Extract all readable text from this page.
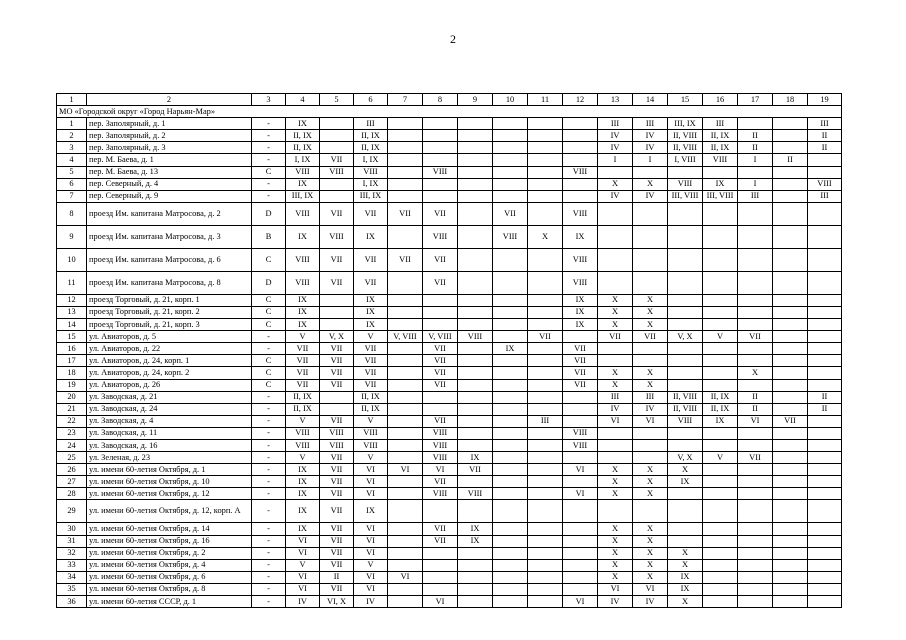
2
1	2	3	4	5	6	7	8	9	10	11	12	13	14	15	16	17	18	19
МО «Городской округ «Город Нарьян-Мар»																		
1	пер. Заполярный, д. 1	-	IX		III							III	III	III, IX	III			III
2	пер. Заполярный, д. 2	-	II, IX		II, IX							IV	IV	II, VIII	II, IX	II		II
3	пер. Заполярный, д. 3	-	II, IX		II, IX							IV	IV	II, VIII	II, IX	II		II
4	пер. М. Баева, д. 1	-	I, IX	VII	I, IX							I	I	I, VIII	VIII	I	II	
5	пер. М. Баева, д. 13	C	VIII	VIII	VIII		VIII				VIII							
6	пер. Северный, д. 4	-	IX		I, IX							X	X	VIII	IX	I		VIII
7	пер. Северный, д. 9	-	III, IX		III, IX							IV	IV	III, VIII	III, VIII	III		III
8	проезд Им. капитана Матросова, д. 2	D	VIII	VII	VII	VII	VII		VII		VIII							
9	проезд Им. капитана Матросова, д. 3	B	IX	VIII	IX		VIII		VIII	X	IX							
10	проезд Им. капитана Матросова, д. 6	C	VIII	VII	VII	VII	VII				VIII							
11	проезд Им. капитана Матросова, д. 8	D	VIII	VII	VII		VII				VIII							
12	проезд Торговый, д. 21, корп. 1	C	IX		IX						IX	X	X					
13	проезд Торговый, д. 21, корп. 2	C	IX		IX						IX	X	X					
14	проезд Торговый, д. 21, корп. 3	C	IX		IX						IX	X	X					
15	ул. Авиаторов, д. 5	-	V	V, X	V	V, VIII	V, VIII	VIII		VII		VII	VII	V, X	V	VII		
16	ул. Авиаторов, д. 22	-	VII	VII	VII		VII		IX		VII							
17	ул. Авиаторов, д. 24, корп. 1	C	VII	VII	VII		VII				VII							
18	ул. Авиаторов, д. 24, корп. 2	C	VII	VII	VII		VII				VII	X	X			X		
19	ул. Авиаторов, д. 26	C	VII	VII	VII		VII				VII	X	X					
20	ул. Заводская, д. 21	-	II, IX		II, IX							III	III	II, VIII	II, IX	II		II
21	ул. Заводская, д. 24	-	II, IX		II, IX							IV	IV	II, VIII	II, IX	II		II
22	ул. Заводская, д. 4	-	V	VII	V		VII			III		VI	VI	VIII	IX	VI	VII	
23	ул. Заводская, д. 11	-	VIII	VIII	VIII		VIII				VIII							
24	ул. Заводская, д. 16	-	VIII	VIII	VIII		VIII				VIII							
25	ул. Зеленая, д. 23	-	V	VII	V		VIII	IX						V, X	V	VII		
26	ул. имени 60-летия Октября, д. 1	-	IX	VII	VI	VI	VI	VII			VI	X	X	X				
27	ул. имени 60-летия Октября, д. 10	-	IX	VII	VI		VII					X	X	IX				
28	ул. имени 60-летия Октября, д. 12	-	IX	VII	VI		VIII	VIII			VI	X	X					
29	ул. имени 60-летия Октября, д. 12, корп. А	-	IX	VII	IX													
30	ул. имени 60-летия Октября, д. 14	-	IX	VII	VI		VII	IX				X	X					
31	ул. имени 60-летия Октября, д. 16	-	VI	VII	VI		VII	IX				X	X					
32	ул. имени 60-летия Октября, д. 2	-	VI	VII	VI							X	X	X				
33	ул. имени 60-летия Октября, д. 4	-	V	VII	V							X	X	X				
34	ул. имени 60-летия Октября, д. 6	-	VI	II	VI	VI						X	X	IX				
35	ул. имени 60-летия Октября, д. 8	-	VI	VII	VI							VI	VI	IX				
36	ул. имени 60-летия СССР, д. 1	-	IV	VI, X	IV		VI				VI	IV	IV	X				
